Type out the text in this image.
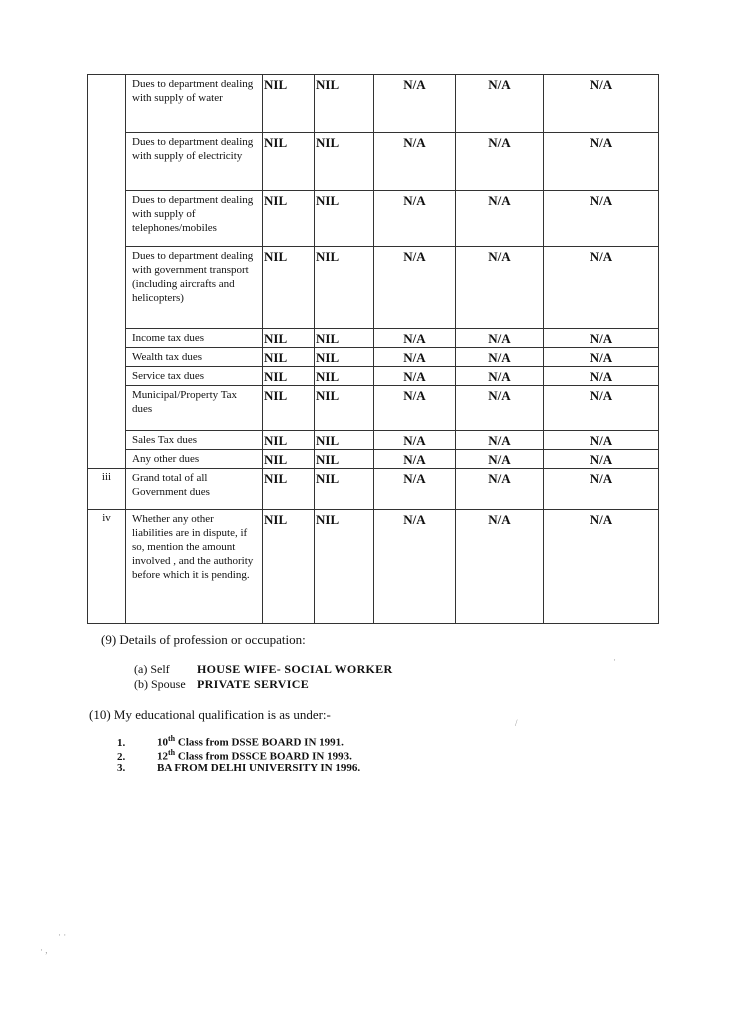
	Dues to department dealing with supply of water	NIL	NIL	N/A	N/A	N/A
	Dues to department dealing with supply of electricity	NIL	NIL	N/A	N/A	N/A
	Dues to department dealing with supply of telephones/mobiles	NIL	NIL	N/A	N/A	N/A
	Dues to department dealing with government transport (including aircrafts and helicopters)	NIL	NIL	N/A	N/A	N/A
	Income tax dues	NIL	NIL	N/A	N/A	N/A
	Wealth tax dues	NIL	NIL	N/A	N/A	N/A
	Service tax dues	NIL	NIL	N/A	N/A	N/A
	Municipal/Property Tax dues	NIL	NIL	N/A	N/A	N/A
	Sales Tax dues	NIL	NIL	N/A	N/A	N/A
	Any other dues	NIL	NIL	N/A	N/A	N/A
iii	Grand total of all Government dues	NIL	NIL	N/A	N/A	N/A
iv	Whether any other liabilities are in dispute, if so, mention the amount involved , and the authority before which it is pending.	NIL	NIL	N/A	N/A	N/A
(9) Details of profession or occupation:
(a) Self HOUSE WIFE- SOCIAL WORKER
(b) Spouse PRIVATE SERVICE
(10) My educational qualification is as under:-
1.	10th Class from DSSE BOARD IN 1991.
2.	12th Class from DSSCE BOARD IN 1993.
3.	BA FROM DELHI UNIVERSITY IN 1996.
·
/
· ·
· ,
